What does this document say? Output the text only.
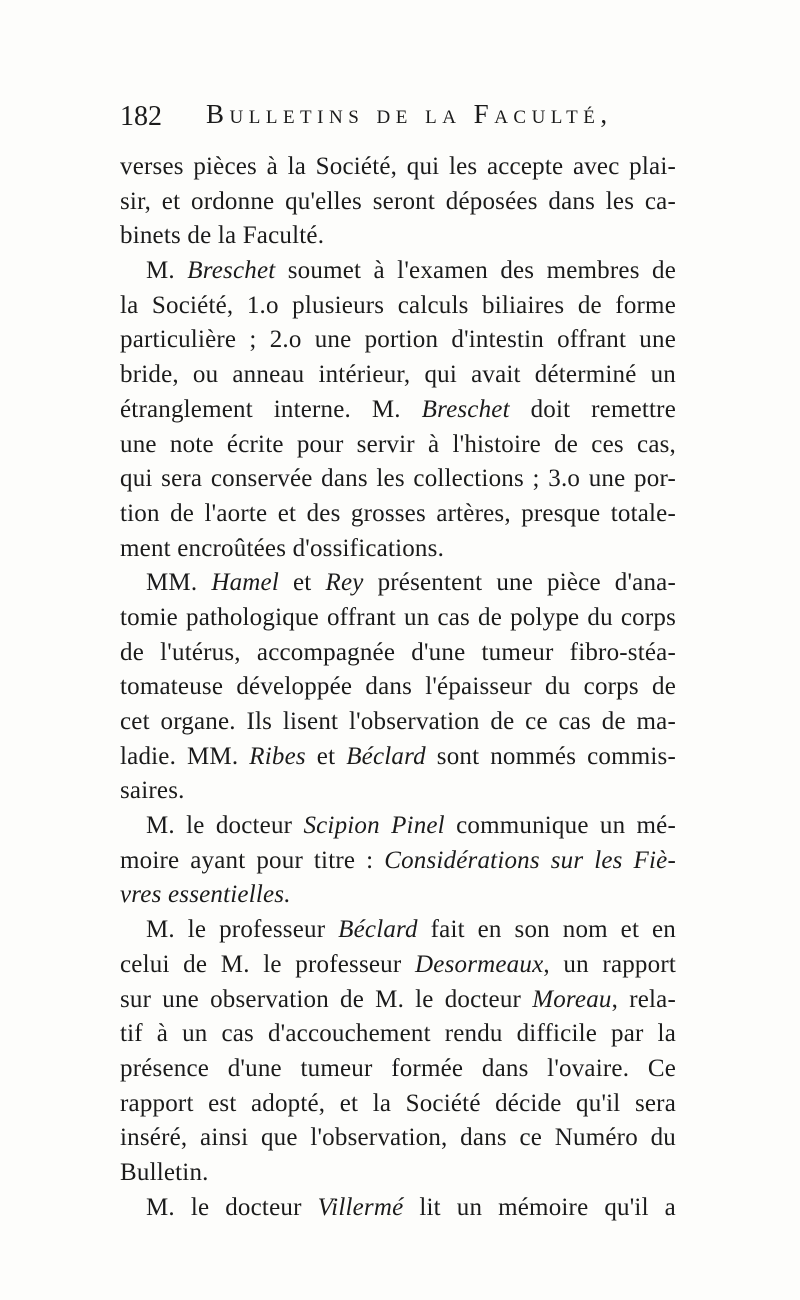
182 Bulletins de la Faculté,
verses pièces à la Société, qui les accepte avec plai-
sir, et ordonne qu'elles seront déposées dans les ca-
binets de la Faculté.
M. Breschet soumet à l'examen des membres de
la Société, 1.o plusieurs calculs biliaires de forme
particulière ; 2.o une portion d'intestin offrant une
bride, ou anneau intérieur, qui avait déterminé un
étranglement interne. M. Breschet doit remettre
une note écrite pour servir à l'histoire de ces cas,
qui sera conservée dans les collections ; 3.o une por-
tion de l'aorte et des grosses artères, presque totale-
ment encroûtées d'ossifications.
MM. Hamel et Rey présentent une pièce d'ana-
tomie pathologique offrant un cas de polype du corps
de l'utérus, accompagnée d'une tumeur fibro-stéa-
tomateuse développée dans l'épaisseur du corps de
cet organe. Ils lisent l'observation de ce cas de ma-
ladie. MM. Ribes et Béclard sont nommés commis-
saires.
M. le docteur Scipion Pinel communique un mé-
moire ayant pour titre : Considérations sur les Fiè-
vres essentielles.
M. le professeur Béclard fait en son nom et en
celui de M. le professeur Desormeaux, un rapport
sur une observation de M. le docteur Moreau, rela-
tif à un cas d'accouchement rendu difficile par la
présence d'une tumeur formée dans l'ovaire. Ce
rapport est adopté, et la Société décide qu'il sera
inséré, ainsi que l'observation, dans ce Numéro du
Bulletin.
M. le docteur Villermé lit un mémoire qu'il a
